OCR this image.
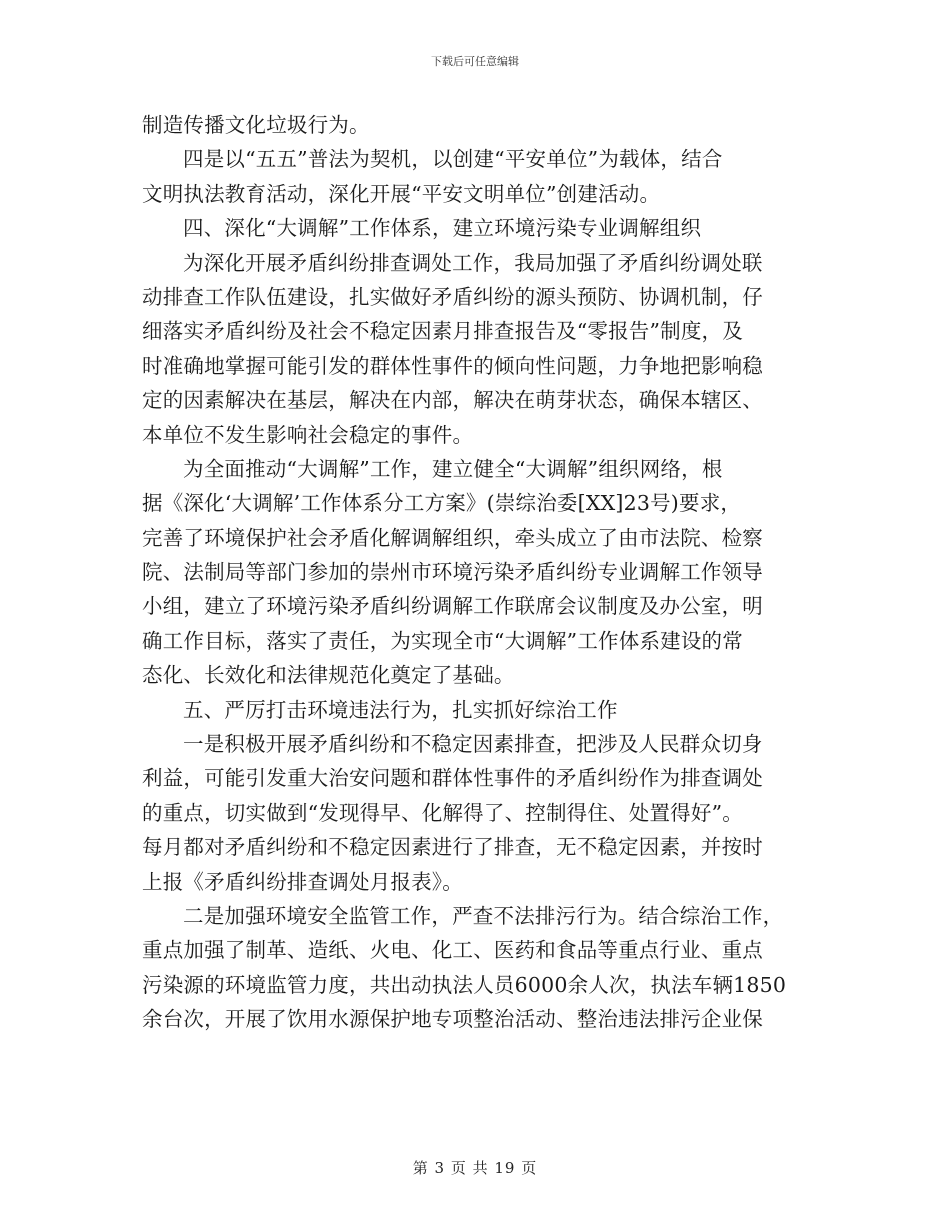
下载后可任意编辑
制造传播文化垃圾行为。
四是以“五五”普法为契机，以创建“平安单位”为载体，结合
文明执法教育活动，深化开展“平安文明单位”创建活动。
四、深化“大调解”工作体系，建立环境污染专业调解组织
为深化开展矛盾纠纷排查调处工作，我局加强了矛盾纠纷调处联
动排查工作队伍建设，扎实做好矛盾纠纷的源头预防、协调机制，仔
细落实矛盾纠纷及社会不稳定因素月排查报告及“零报告”制度，及
时准确地掌握可能引发的群体性事件的倾向性问题，力争地把影响稳
定的因素解决在基层，解决在内部，解决在萌芽状态，确保本辖区、
本单位不发生影响社会稳定的事件。
为全面推动“大调解”工作，建立健全“大调解”组织网络，根
据《深化‘大调解’工作体系分工方案》(崇综治委[XX]23号)要求，
完善了环境保护社会矛盾化解调解组织，牵头成立了由市法院、检察
院、法制局等部门参加的崇州市环境污染矛盾纠纷专业调解工作领导
小组，建立了环境污染矛盾纠纷调解工作联席会议制度及办公室，明
确工作目标，落实了责任，为实现全市“大调解”工作体系建设的常
态化、长效化和法律规范化奠定了基础。
五、严厉打击环境违法行为，扎实抓好综治工作
一是积极开展矛盾纠纷和不稳定因素排查，把涉及人民群众切身
利益，可能引发重大治安问题和群体性事件的矛盾纠纷作为排查调处
的重点，切实做到“发现得早、化解得了、控制得住、处置得好”。
每月都对矛盾纠纷和不稳定因素进行了排查，无不稳定因素，并按时
上报《矛盾纠纷排查调处月报表》。
二是加强环境安全监管工作，严查不法排污行为。结合综治工作，
重点加强了制革、造纸、火电、化工、医药和食品等重点行业、重点
污染源的环境监管力度，共出动执法人员6000余人次，执法车辆1850
余台次，开展了饮用水源保护地专项整治活动、整治违法排污企业保
第 3 页 共 19 页
